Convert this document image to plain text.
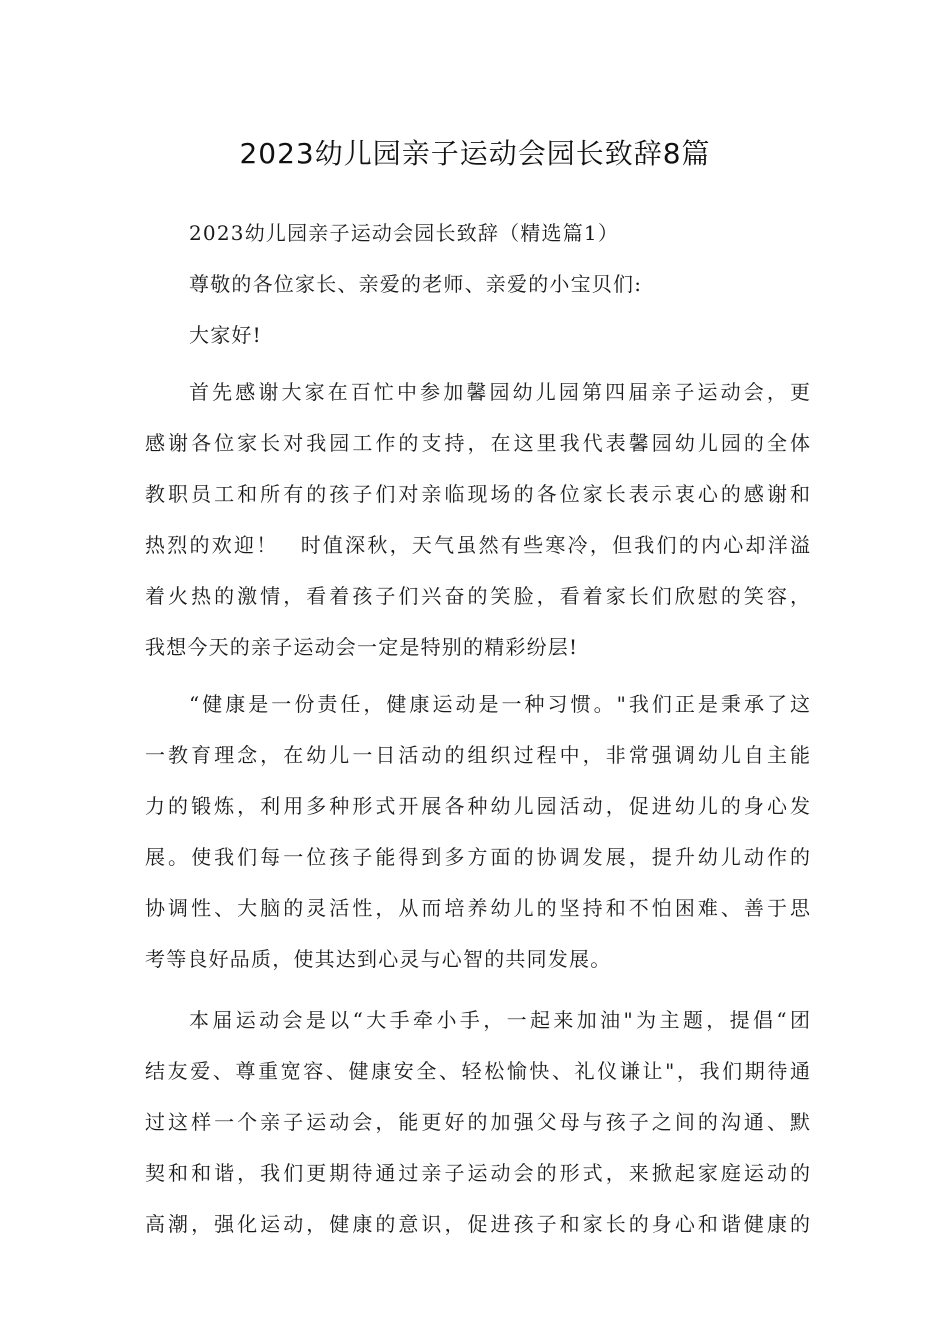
2023幼儿园亲子运动会园长致辞8篇
2023幼儿园亲子运动会园长致辞（精选篇1）
尊敬的各位家长、亲爱的老师、亲爱的小宝贝们:
大家好!
首先感谢大家在百忙中参加馨园幼儿园第四届亲子运动会，更
感谢各位家长对我园工作的支持，在这里我代表馨园幼儿园的全体
教职员工和所有的孩子们对亲临现场的各位家长表示衷心的感谢和
热烈的欢迎！　时值深秋，天气虽然有些寒冷，但我们的内心却洋溢
着火热的激情，看着孩子们兴奋的笑脸，看着家长们欣慰的笑容，
我想今天的亲子运动会一定是特别的精彩纷层!
“健康是一份责任，健康运动是一种习惯。"我们正是秉承了这
一教育理念，在幼儿一日活动的组织过程中，非常强调幼儿自主能
力的锻炼，利用多种形式开展各种幼儿园活动，促进幼儿的身心发
展。使我们每一位孩子能得到多方面的协调发展，提升幼儿动作的
协调性、大脑的灵活性，从而培养幼儿的坚持和不怕困难、善于思
考等良好品质，使其达到心灵与心智的共同发展。
本届运动会是以“大手牵小手，一起来加油"为主题，提倡“团
结友爱、尊重宽容、健康安全、轻松愉快、礼仪谦让"，我们期待通
过这样一个亲子运动会，能更好的加强父母与孩子之间的沟通、默
契和和谐，我们更期待通过亲子运动会的形式，来掀起家庭运动的
高潮，强化运动，健康的意识，促进孩子和家长的身心和谐健康的
